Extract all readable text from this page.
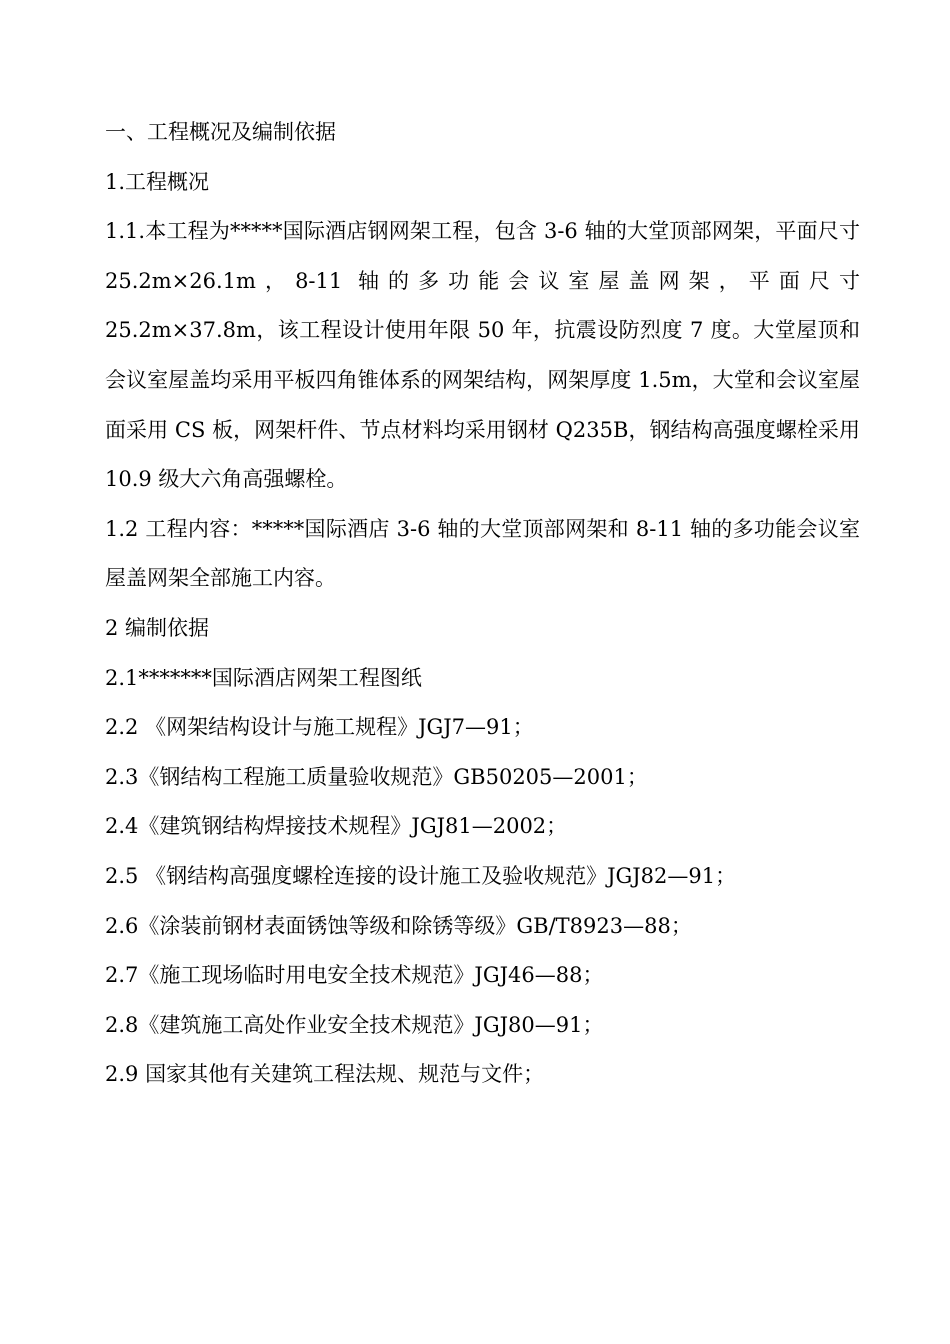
一、工程概况及编制依据

1.工程概况

1.1.本工程为*****国际酒店钢网架工程，包含 3-6 轴的大堂顶部网架，平面尺寸 25.2m×26.1m，8-11 轴的多功能会议室屋盖网架，平面尺寸 25.2m×37.8m，该工程设计使用年限 50 年，抗震设防烈度 7 度。大堂屋顶和会议室屋盖均采用平板四角锥体系的网架结构，网架厚度 1.5m，大堂和会议室屋面采用 CS 板，网架杆件、节点材料均采用钢材 Q235B，钢结构高强度螺栓采用 10.9 级大六角高强螺栓。

1.2 工程内容：*****国际酒店 3-6 轴的大堂顶部网架和 8-11 轴的多功能会议室屋盖网架全部施工内容。

2 编制依据

2.1*******国际酒店网架工程图纸

2.2 《网架结构设计与施工规程》JGJ7—91；

2.3《钢结构工程施工质量验收规范》GB50205—2001；

2.4《建筑钢结构焊接技术规程》JGJ81—2002；

2.5 《钢结构高强度螺栓连接的设计施工及验收规范》JGJ82—91；

2.6《涂装前钢材表面锈蚀等级和除锈等级》GB/T8923—88；

2.7《施工现场临时用电安全技术规范》JGJ46—88；

2.8《建筑施工高处作业安全技术规范》JGJ80—91；

2.9 国家其他有关建筑工程法规、规范与文件；
